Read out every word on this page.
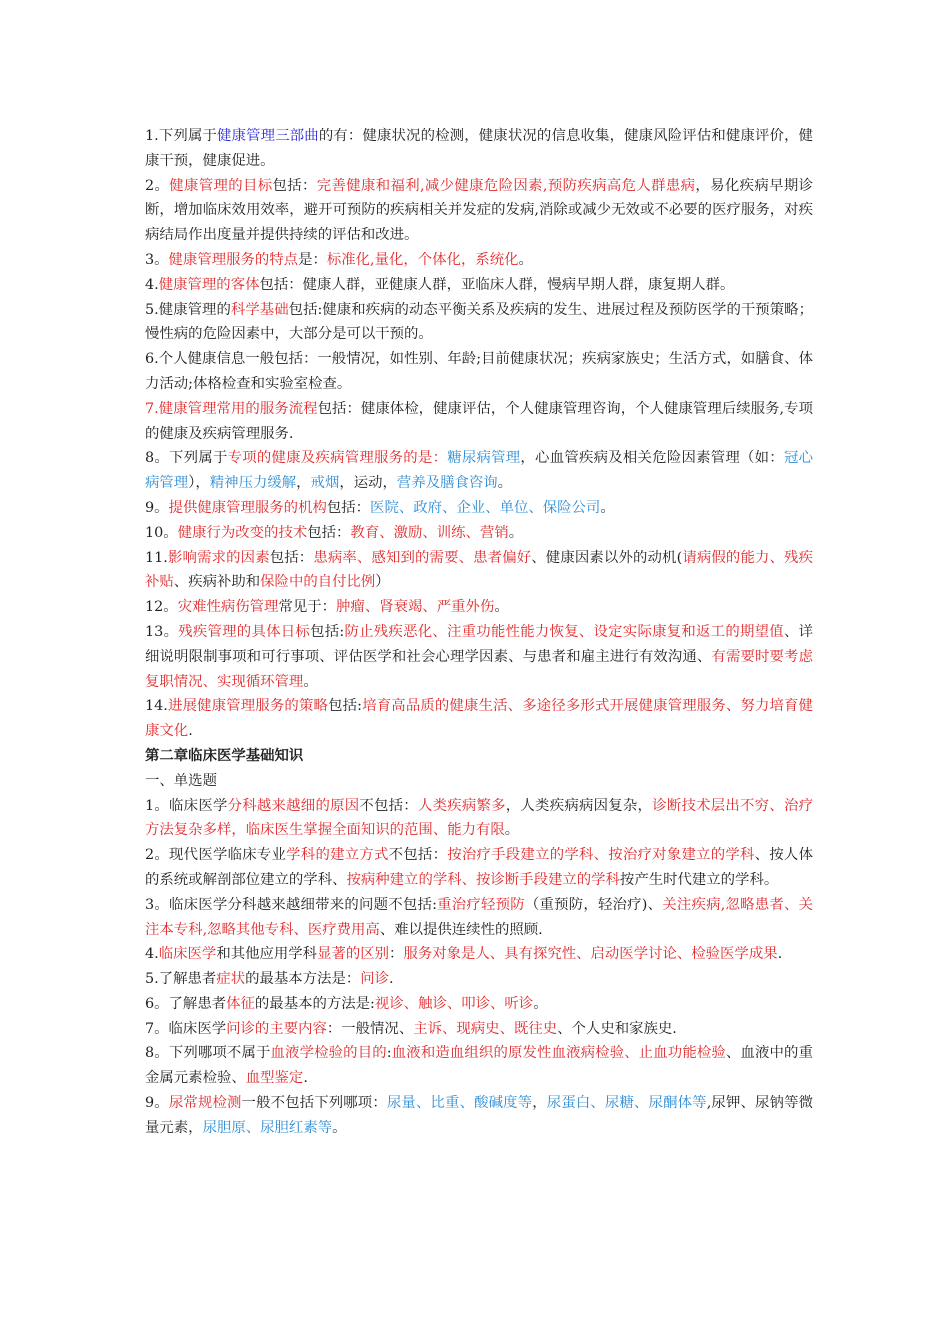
1.下列属于健康管理三部曲的有：健康状况的检测，健康状况的信息收集，健康风险评估和健康评价，健康干预，健康促进。

2。健康管理的目标包括：完善健康和福利,减少健康危险因素,预防疾病高危人群患病，易化疾病早期诊断，增加临床效用效率，避开可预防的疾病相关并发症的发病,消除或减少无效或不必要的医疗服务，对疾病结局作出度量并提供持续的评估和改进。

3。健康管理服务的特点是：标准化,量化，个体化，系统化。

4.健康管理的客体包括：健康人群，亚健康人群，亚临床人群，慢病早期人群，康复期人群。

5.健康管理的科学基础包括:健康和疾病的动态平衡关系及疾病的发生、进展过程及预防医学的干预策略；慢性病的危险因素中，大部分是可以干预的。

6.个人健康信息一般包括：一般情况，如性别、年龄;目前健康状况；疾病家族史；生活方式，如膳食、体力活动;体格检查和实验室检查。

7.健康管理常用的服务流程包括：健康体检，健康评估，个人健康管理咨询，个人健康管理后续服务,专项的健康及疾病管理服务.

8。下列属于专项的健康及疾病管理服务的是：糖尿病管理，心血管疾病及相关危险因素管理（如：冠心病管理），精神压力缓解，戒烟，运动，营养及膳食咨询。

9。提供健康管理服务的机构包括：医院、政府、企业、单位、保险公司。

10。健康行为改变的技术包括：教育、激励、训练、营销。

11.影响需求的因素包括：患病率、感知到的需要、患者偏好、健康因素以外的动机(请病假的能力、残疾补贴、疾病补助和保险中的自付比例）

12。灾难性病伤管理常见于：肿瘤、肾衰竭、严重外伤。

13。残疾管理的具体日标包括:防止残疾恶化、注重功能性能力恢复、设定实际康复和返工的期望值、详细说明限制事项和可行事项、评估医学和社会心理学因素、与患者和雇主进行有效沟通、有需要时要考虑复职情况、实现循环管理。

14.进展健康管理服务的策略包括:培育高品质的健康生活、多途径多形式开展健康管理服务、努力培育健康文化.

第二章临床医学基础知识

一、单选题

1。临床医学分科越来越细的原因不包括：人类疾病繁多，人类疾病病因复杂，诊断技术层出不穷、治疗方法复杂多样，临床医生掌握全面知识的范围、能力有限。

2。现代医学临床专业学科的建立方式不包括：按治疗手段建立的学科、按治疗对象建立的学科、按人体的系统或解剖部位建立的学科、按病种建立的学科、按诊断手段建立的学科按产生时代建立的学科。

3。临床医学分科越来越细带来的问题不包括:重治疗轻预防（重预防，轻治疗)、关注疾病,忽略患者、关注本专科,忽略其他专科、医疗费用高、难以提供连续性的照顾.

4.临床医学和其他应用学科显著的区别：服务对象是人、具有探究性、启动医学讨论、检验医学成果.

5.了解患者症状的最基本方法是：问诊.

6。了解患者体征的最基本的方法是:视诊、触诊、叩诊、听诊。

7。临床医学问诊的主要内容：一般情况、主诉、现病史、既往史、个人史和家族史.

8。下列哪项不属于血液学检验的目的:血液和造血组织的原发性血液病检验、止血功能检验、血液中的重金属元素检验、血型鉴定.

9。尿常规检测一般不包括下列哪项：尿量、比重、酸碱度等，尿蛋白、尿糖、尿酮体等,尿钾、尿钠等微量元素，尿胆原、尿胆红素等。
